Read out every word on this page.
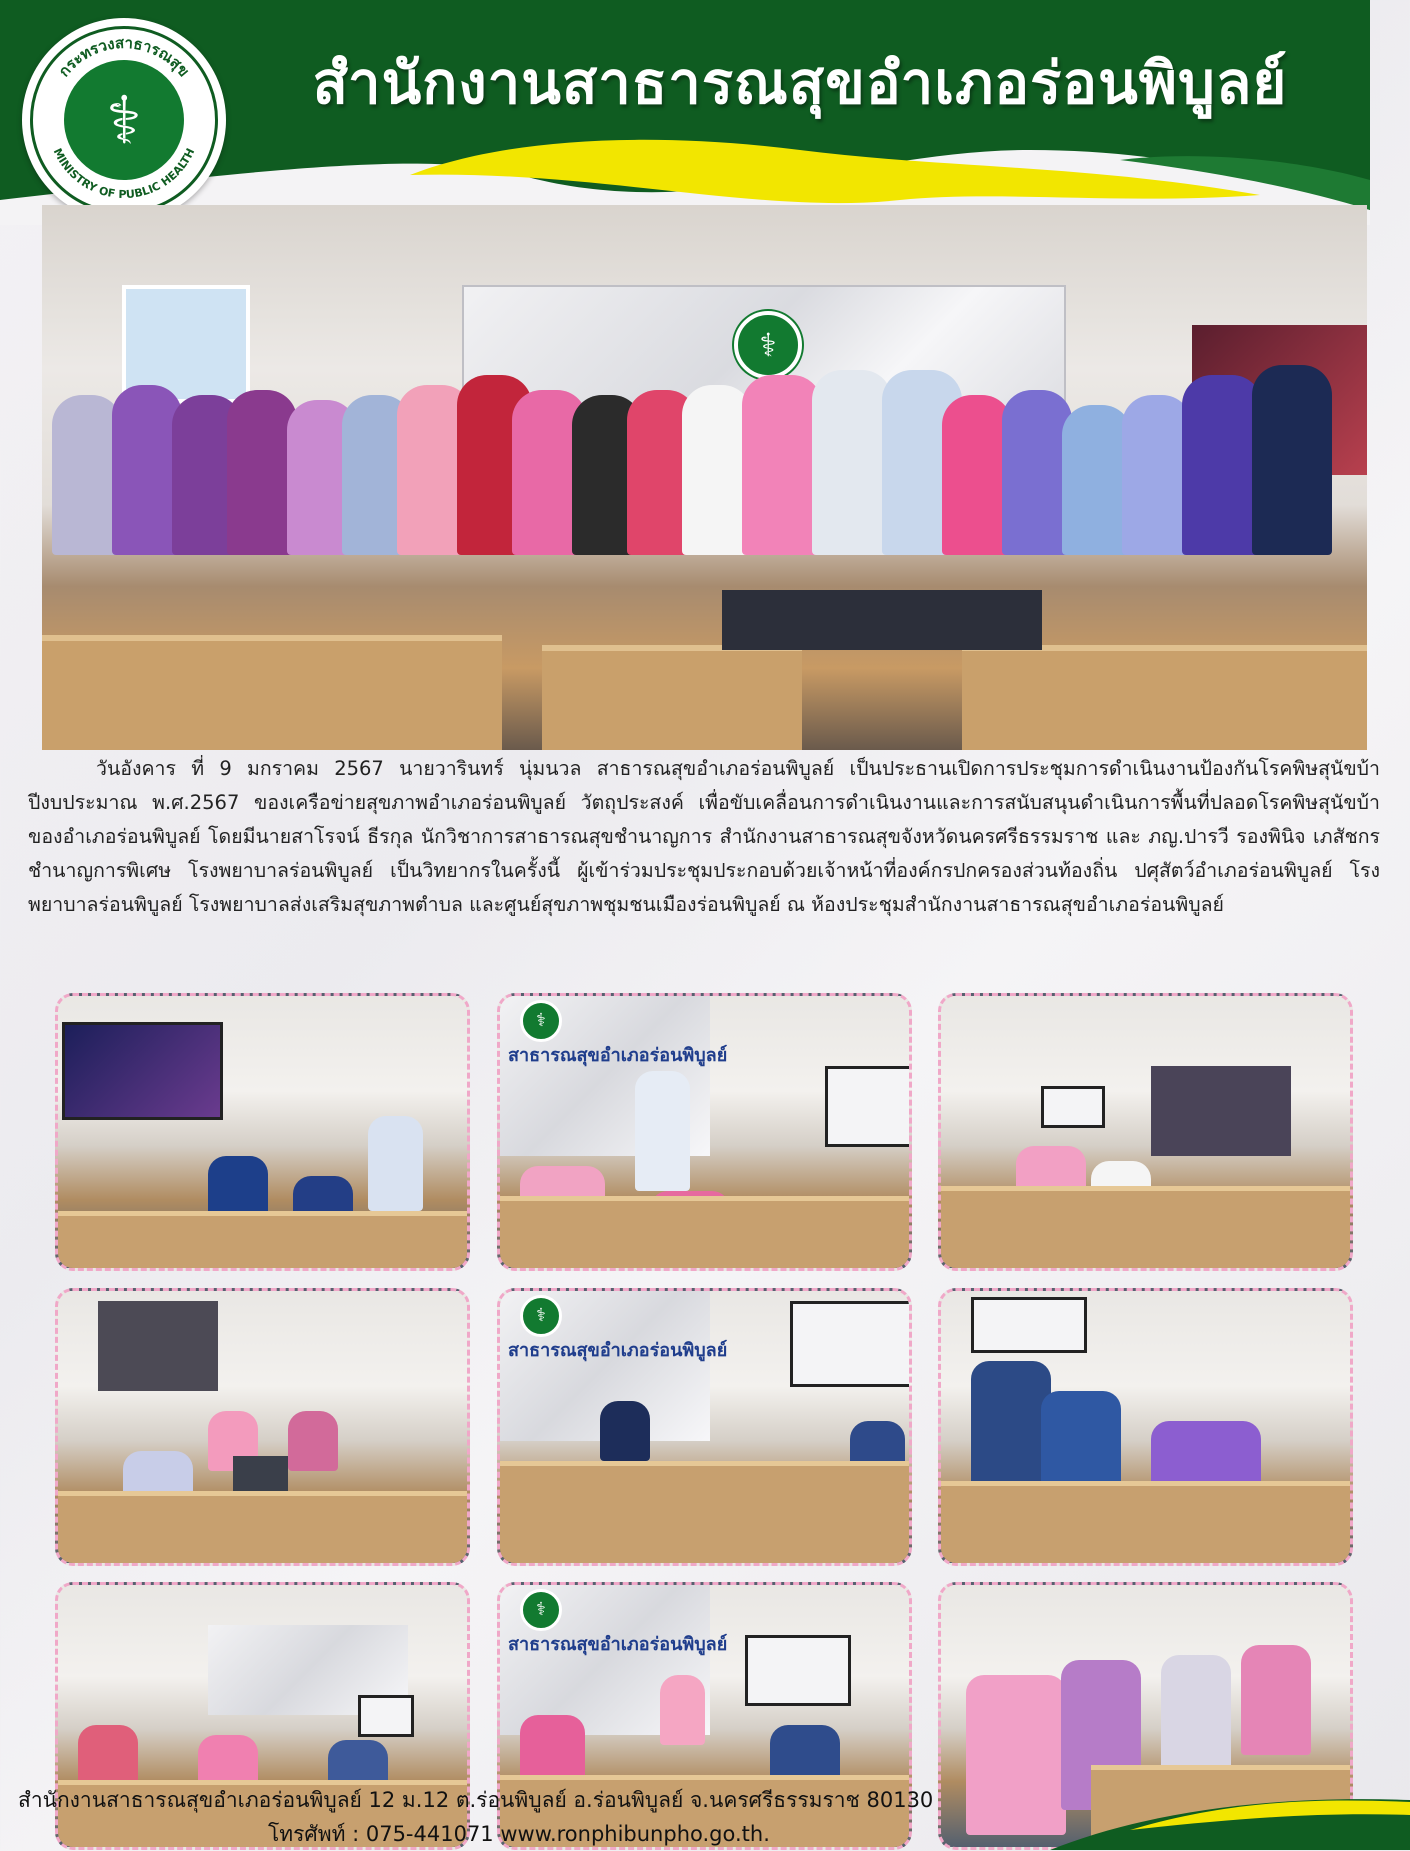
กระทรวงสาธารณสุข
MINISTRY OF PUBLIC HEALTH
⚕	สำนักงานสาธารณสุขอำเภอร่อนพิบูลย์
⚕

วันอังคาร ที่ 9 มกราคม 2567 นายวารินทร์ นุ่มนวล สาธารณสุขอำเภอร่อนพิบูลย์ เป็นประธานเปิดการประชุมการดำเนินงานป้องกันโรคพิษสุนัขบ้า ปีงบประมาณ พ.ศ.2567 ของเครือข่ายสุขภาพอำเภอร่อนพิบูลย์ วัตถุประสงค์ เพื่อขับเคลื่อนการดำเนินงานและการสนับสนุนดำเนินการพื้นที่ปลอดโรคพิษสุนัขบ้าของอำเภอร่อนพิบูลย์ โดยมีนายสาโรจน์ ธีรกุล นักวิชาการสาธารณสุขชำนาญการ สำนักงานสาธารณสุขจังหวัดนครศรีธรรมราช และ ภญ.ปารวี รองพินิจ เภสัชกรชำนาญการพิเศษ โรงพยาบาลร่อนพิบูลย์ เป็นวิทยากรในครั้งนี้ ผู้เข้าร่วมประชุมประกอบด้วยเจ้าหน้าที่องค์กรปกครองส่วนท้องถิ่น ปศุสัตว์อำเภอร่อนพิบูลย์ โรงพยาบาลร่อนพิบูลย์ โรงพยาบาลส่งเสริมสุขภาพตำบล และศูนย์สุขภาพชุมชนเมืองร่อนพิบูลย์ ณ ห้องประชุมสำนักงานสาธารณสุขอำเภอร่อนพิบูลย์

⚕
สาธารณสุขอำเภอร่อนพิบูลย์
⚕
สาธารณสุขอำเภอร่อนพิบูลย์
⚕
สาธารณสุขอำเภอร่อนพิบูลย์
สำนักงานสาธารณสุขอำเภอร่อนพิบูลย์ 12 ม.12 ต.ร่อนพิบูลย์ อ.ร่อนพิบูลย์ จ.นครศรีธรรมราช 80130
โทรศัพท์ : 075-441071 www.ronphibunpho.go.th.
